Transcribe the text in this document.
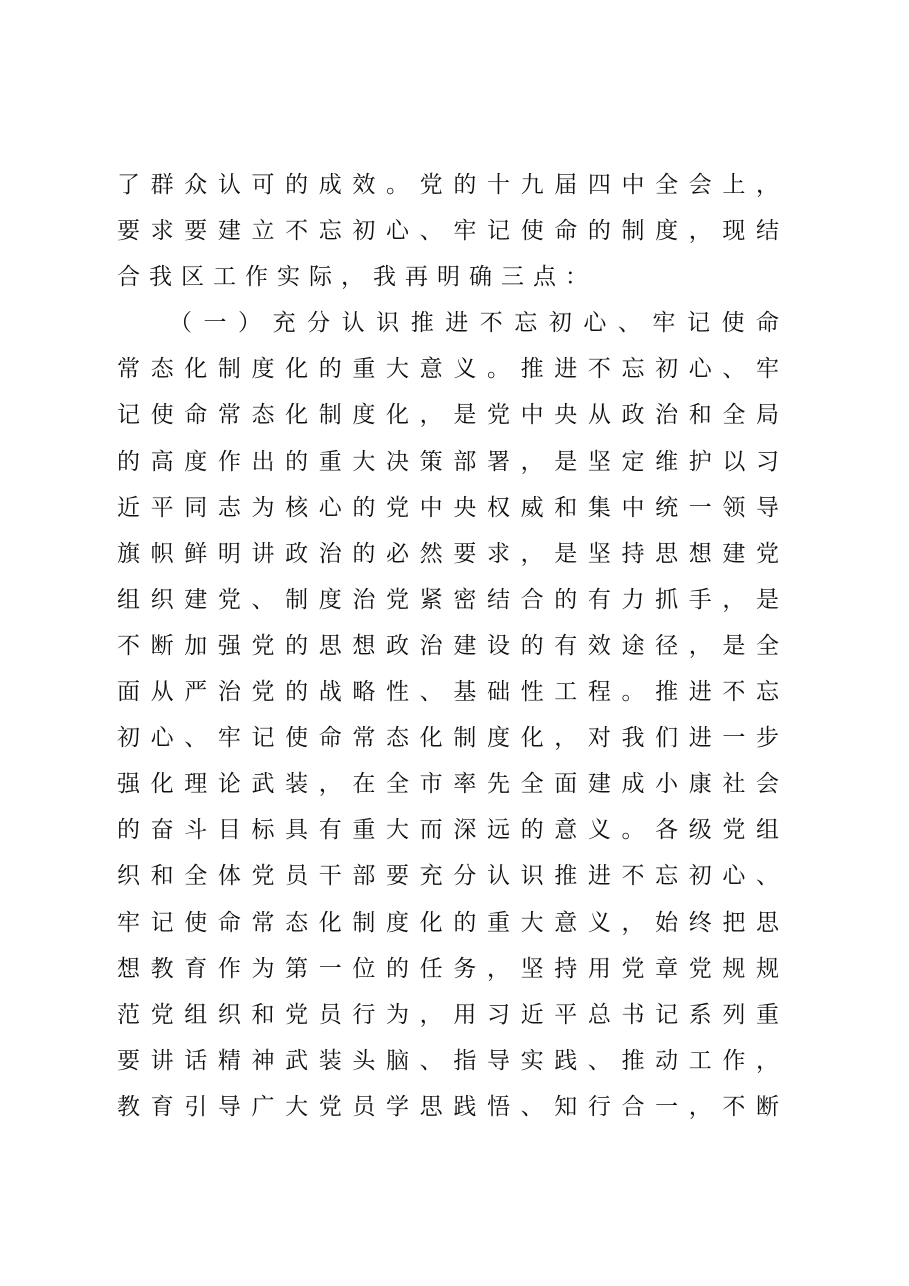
了群众认可的成效。党的十九届四中全会上，
要求要建立不忘初心、牢记使命的制度，现结
合我区工作实际，我再明确三点：
（一）充分认识推进不忘初心、牢记使命
常态化制度化的重大意义。推进不忘初心、牢
记使命常态化制度化，是党中央从政治和全局
的高度作出的重大决策部署，是坚定维护以习
近平同志为核心的党中央权威和集中统一领导
旗帜鲜明讲政治的必然要求，是坚持思想建党
组织建党、制度治党紧密结合的有力抓手，是
不断加强党的思想政治建设的有效途径，是全
面从严治党的战略性、基础性工程。推进不忘
初心、牢记使命常态化制度化，对我们进一步
强化理论武装，在全市率先全面建成小康社会
的奋斗目标具有重大而深远的意义。各级党组
织和全体党员干部要充分认识推进不忘初心、
牢记使命常态化制度化的重大意义，始终把思
想教育作为第一位的任务，坚持用党章党规规
范党组织和党员行为，用习近平总书记系列重
要讲话精神武装头脑、指导实践、推动工作，
教育引导广大党员学思践悟、知行合一，不断
